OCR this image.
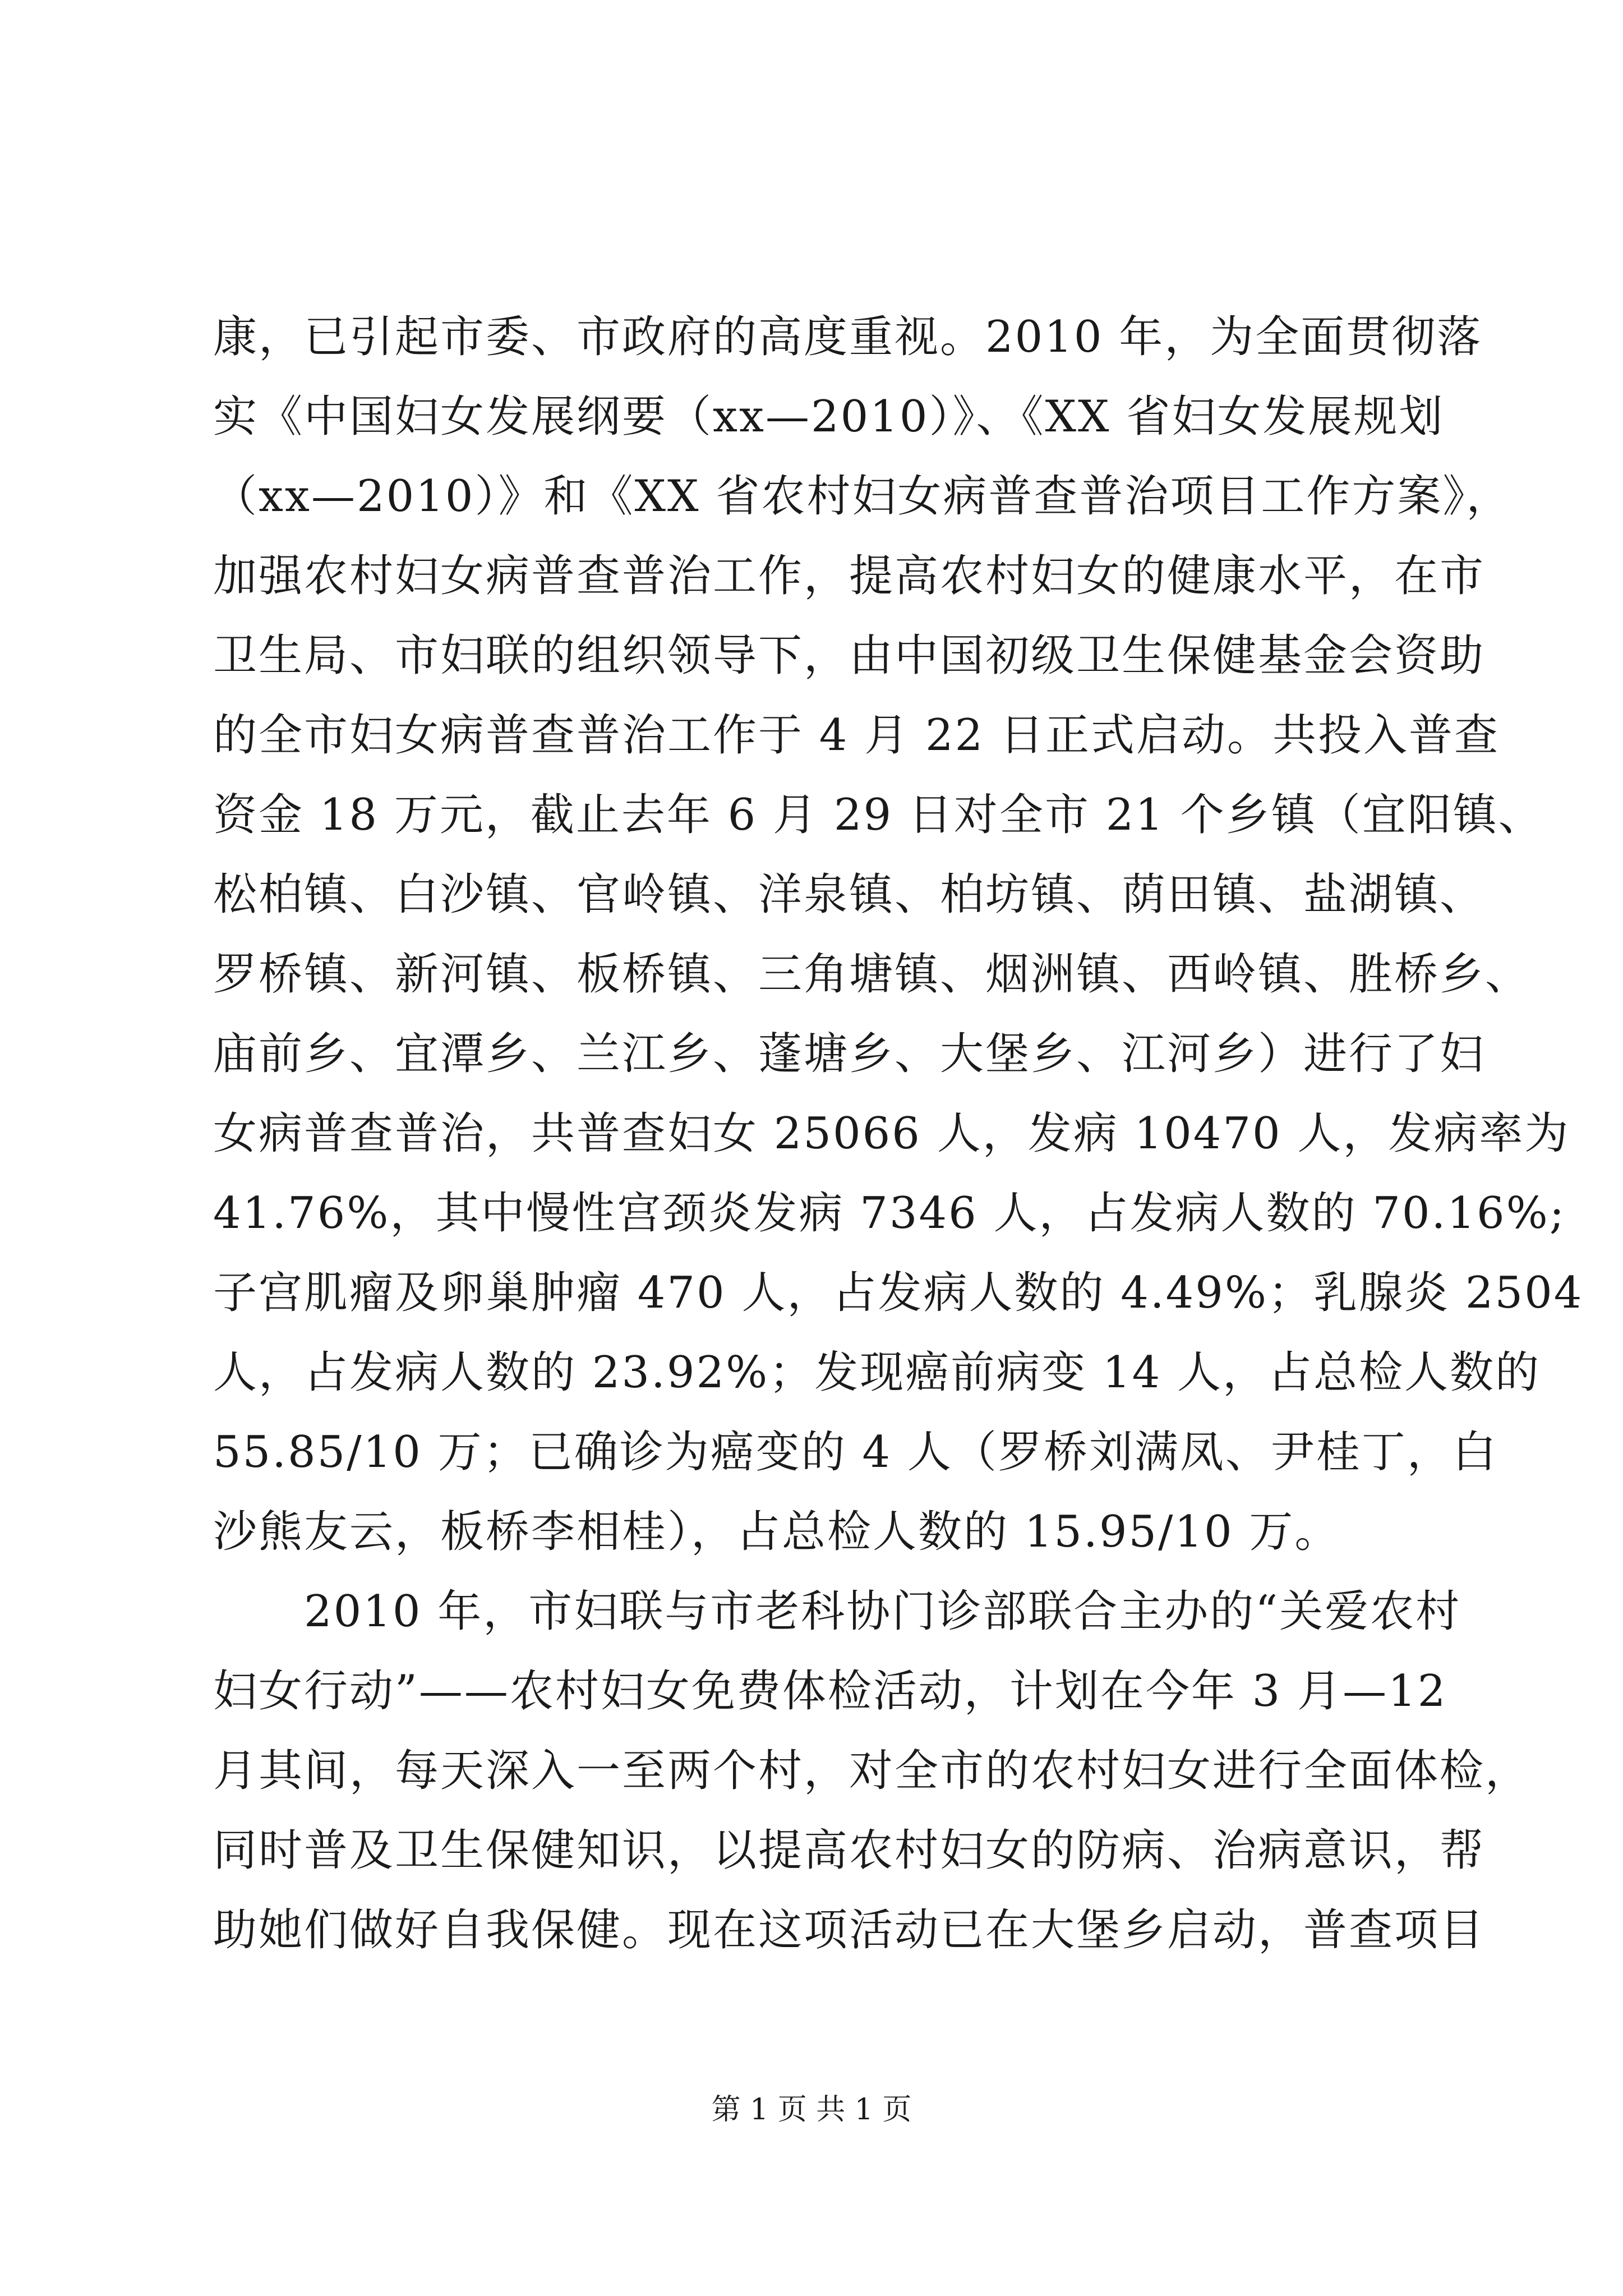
康，已引起市委、市政府的高度重视。2010 年，为全面贯彻落
实《中国妇女发展纲要（xx—2010）》、《XX 省妇女发展规划
（xx—2010）》和《XX 省农村妇女病普查普治项目工作方案》，
加强农村妇女病普查普治工作，提高农村妇女的健康水平，在市
卫生局、市妇联的组织领导下，由中国初级卫生保健基金会资助
的全市妇女病普查普治工作于 4 月 22 日正式启动。共投入普查
资金 18 万元，截止去年 6 月 29 日对全市 21 个乡镇（宜阳镇、
松柏镇、白沙镇、官岭镇、洋泉镇、柏坊镇、荫田镇、盐湖镇、
罗桥镇、新河镇、板桥镇、三角塘镇、烟洲镇、西岭镇、胜桥乡、
庙前乡、宜潭乡、兰江乡、蓬塘乡、大堡乡、江河乡）进行了妇
女病普查普治，共普查妇女 25066 人，发病 10470 人，发病率为
41.76%，其中慢性宫颈炎发病 7346 人，占发病人数的 70.16%;
子宫肌瘤及卵巢肿瘤 470 人，占发病人数的 4.49%；乳腺炎 2504
人，占发病人数的 23.92%；发现癌前病变 14 人，占总检人数的
55.85/10 万；已确诊为癌变的 4 人（罗桥刘满凤、尹桂丁，白
沙熊友云，板桥李相桂），占总检人数的 15.95/10 万。
　　2010 年，市妇联与市老科协门诊部联合主办的“关爱农村
妇女行动”——农村妇女免费体检活动，计划在今年 3 月—12
月其间，每天深入一至两个村，对全市的农村妇女进行全面体检，
同时普及卫生保健知识，以提高农村妇女的防病、治病意识，帮
助她们做好自我保健。现在这项活动已在大堡乡启动，普查项目
第 1 页 共 1 页
